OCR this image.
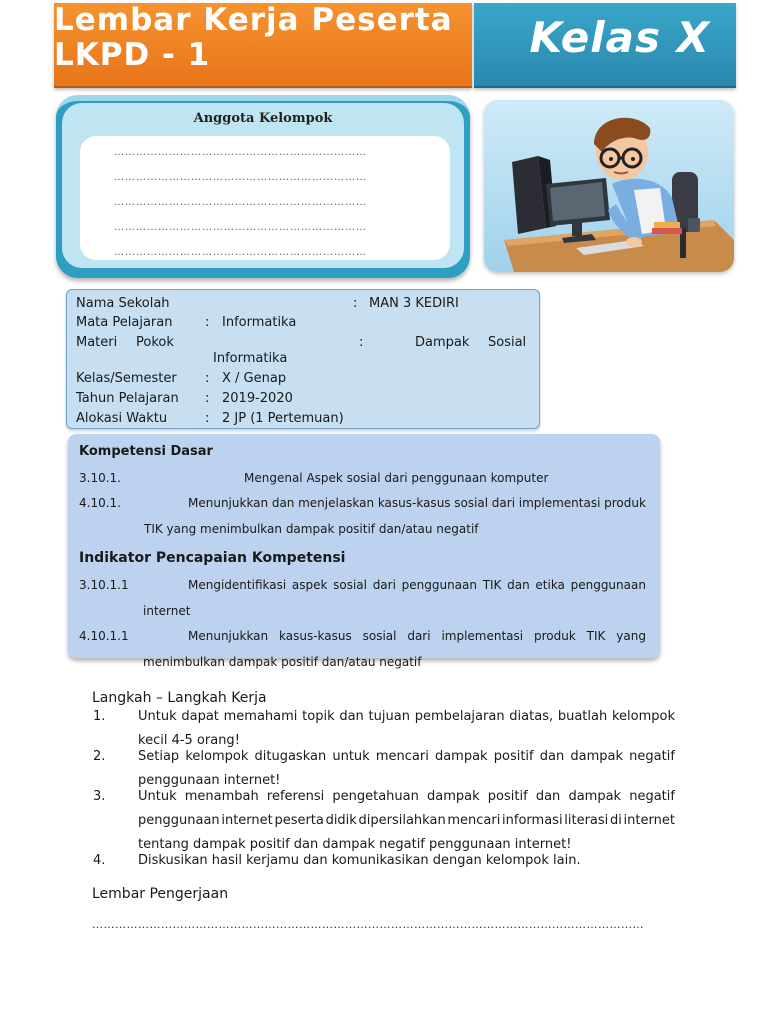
Lembar Kerja Peserta
LKPD - 1	Kelas X
Anggota Kelompok
……………………………………………………………
……………………………………………………………
……………………………………………………………
……………………………………………………………
……………………………………………………………
Nama Sekolah	: MAN 3 KEDIRI
Mata Pelajaran	: Informatika
Materi Pokok	:	Dampak Sosial
Informatika
Kelas/Semester : X / Genap
Tahun Pelajaran : 2019-2020
Alokasi Waktu	: 2 JP (1 Pertemuan)
Kompetensi Dasar
3.10.1.	Mengenal Aspek sosial dari penggunaan komputer
4.10.1.	Menunjukkan dan menjelaskan kasus-kasus sosial dari implementasi produk
TIK yang menimbulkan dampak positif dan/atau negatif
Indikator Pencapaian Kompetensi
3.10.1.1	Mengidentifikasi aspek sosial dari penggunaan TIK dan etika penggunaan
internet
4.10.1.1	Menunjukkan kasus-kasus sosial dari implementasi produk TIK yang
menimbulkan dampak positif dan/atau negatif
Langkah – Langkah Kerja
1.	Untuk dapat memahami topik dan tujuan pembelajaran diatas, buatlah kelompok
kecil 4-5 orang!
2.	Setiap kelompok ditugaskan untuk mencari dampak positif dan dampak negatif
penggunaan internet!
3.	Untuk menambah referensi pengetahuan dampak positif dan dampak negatif
penggunaan internet peserta didik dipersilahkan mencari informasi literasi di internet
tentang dampak positif dan dampak negatif penggunaan internet!
4.	Diskusikan hasil kerjamu dan komunikasikan dengan kelompok lain.
Lembar Pengerjaan
………………………………………………………………………………………………………………………………
